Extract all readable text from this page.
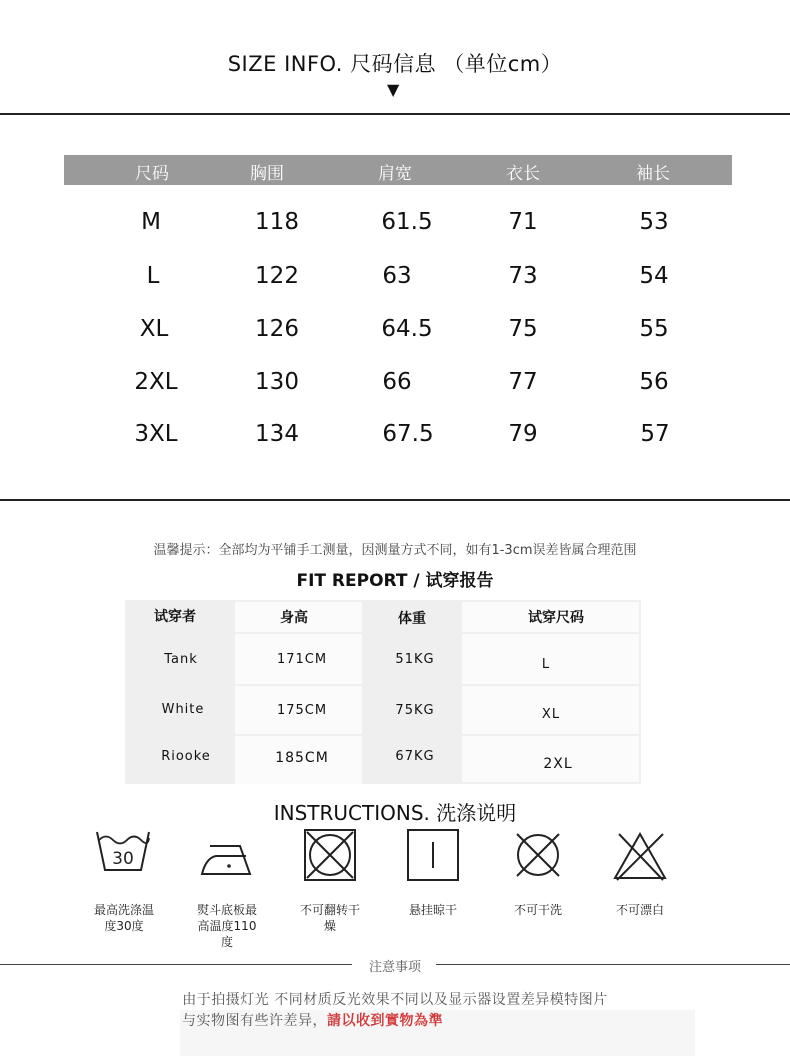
SIZE INFO. 尺码信息 （单位cm）
▼
尺码	胸围	肩宽	衣长	袖长
M	118	61.5	71	53
L	122	63	73	54
XL	126	64.5	75	55
2XL	130	66	77	56
3XL	134	67.5	79	57
温馨提示：全部均为平铺手工测量，因测量方式不同，如有1-3cm误差皆属合理范围
FIT REPORT / 试穿报告
试穿者	身高	体重	试穿尺码
Tank	171CM	51KG	L
White	175CM	75KG	XL
Riooke	185CM	67KG	2XL
INSTRUCTIONS. 洗涤说明
30
最高洗涤温度30度
熨斗底板最高温度110度
不可翻转干燥
悬挂晾干	不可干洗	不可漂白
注意事项
由于拍摄灯光 不同材质反光效果不同以及显示器设置差异模特图片
与实物图有些许差异，請以收到實物為準
